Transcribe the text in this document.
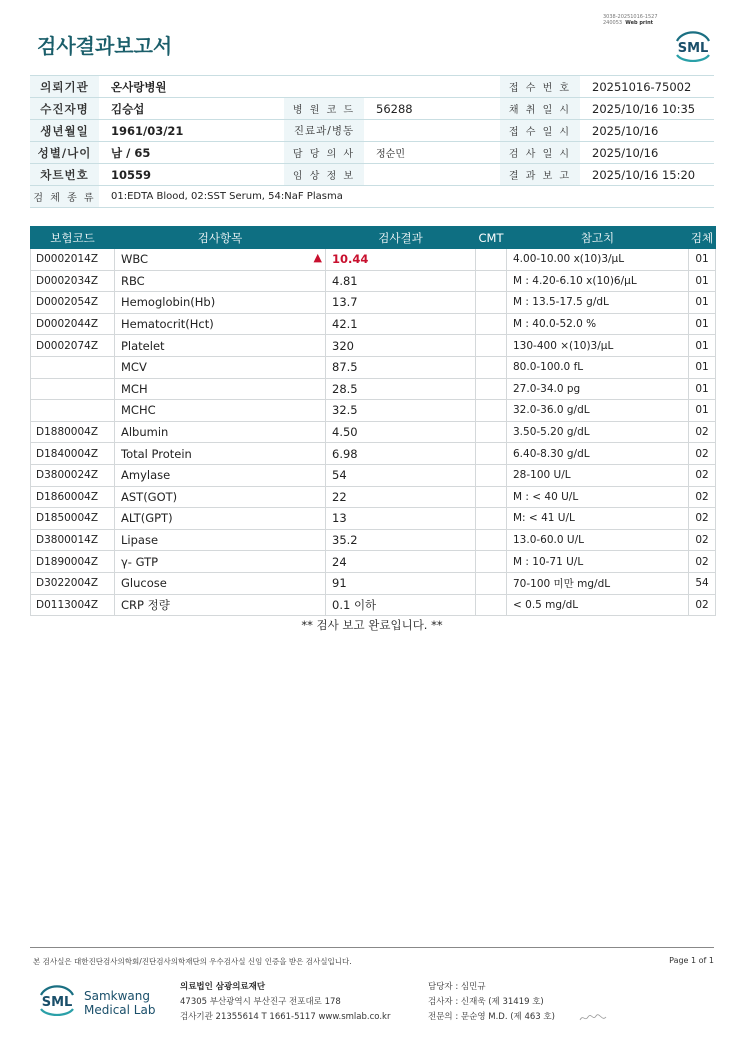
검사결과보고서
3038-20251016-1527
240053 Web print
SML
의뢰기관	온사랑병원			접 수 번 호	20251016-75002
수진자명	김승섭	병 원 코 드	56288	채 취 일 시	2025/10/16 10:35
생년월일	1961/03/21	진료과/병동		접 수 일 시	2025/10/16
성별/나이	남 / 65	담 당 의 사	정순민	검 사 일 시	2025/10/16
차트번호	10559	임 상 정 보		결 과 보 고	2025/10/16 15:20
검 체 종 류	01:EDTA Blood, 02:SST Serum, 54:NaF Plasma				
보험코드	검사항목	검사결과	CMT	참고치	검체
D0002014Z	WBC ▲	10.44		4.00-10.00 x(10)3/μL	01
D0002034Z	RBC	4.81		M : 4.20-6.10 x(10)6/μL	01
D0002054Z	Hemoglobin(Hb)	13.7		M : 13.5-17.5 g/dL	01
D0002044Z	Hematocrit(Hct)	42.1		M : 40.0-52.0 %	01
D0002074Z	Platelet	320		130-400 ×(10)3/μL	01
	MCV	87.5		80.0-100.0 fL	01
	MCH	28.5		27.0-34.0 pg	01
	MCHC	32.5		32.0-36.0 g/dL	01
D1880004Z	Albumin	4.50		3.50-5.20 g/dL	02
D1840004Z	Total Protein	6.98		6.40-8.30 g/dL	02
D3800024Z	Amylase	54		28-100 U/L	02
D1860004Z	AST(GOT)	22		M : < 40 U/L	02
D1850004Z	ALT(GPT)	13		M: < 41 U/L	02
D3800014Z	Lipase	35.2		13.0-60.0 U/L	02
D1890004Z	γ- GTP	24		M : 10-71 U/L	02
D3022004Z	Glucose	91		70-100 미만 mg/dL	54
D0113004Z	CRP 정량	0.1 이하		< 0.5 mg/dL	02
** 검사 보고 완료입니다. **
본 검사실은 대한진단검사의학회/진단검사의학재단의 우수검사실 신임 인증을 받은 검사실입니다.	Page 1 of 1
SML Samkwang
Medical Lab
의료법인 삼광의료재단
47305 부산광역시 부산진구 전포대로 178
검사기관 21355614 T 1661-5117 www.smlab.co.kr
담당자 : 심민규
검사자 : 신재욱 (제 31419 호)
전문의 : 문순영 M.D. (제 463 호)
